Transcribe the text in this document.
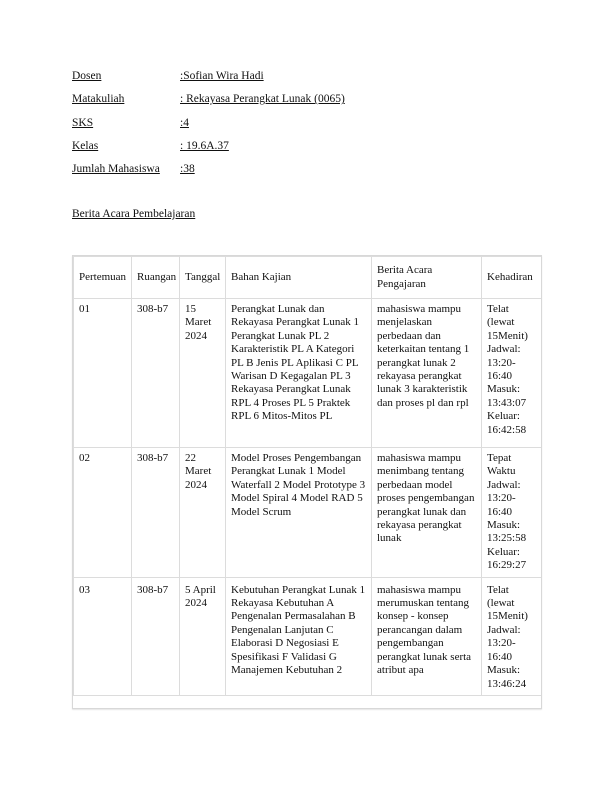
Dosen	:Sofian Wira Hadi
Matakuliah	: Rekayasa Perangkat Lunak (0065)
SKS	:4
Kelas	: 19.6A.37
Jumlah Mahasiswa	:38
Berita Acara Pembelajaran
Pertemuan	Ruangan	Tanggal	Bahan Kajian	Berita Acara Pengajaran	Kehadiran
01	308-b7	15 Maret 2024	Perangkat Lunak dan Rekayasa Perangkat Lunak 1 Perangkat Lunak PL 2 Karakteristik PL A Kategori PL B Jenis PL Aplikasi C PL Warisan D Kegagalan PL 3 Rekayasa Perangkat Lunak RPL 4 Proses PL 5 Praktek RPL 6 Mitos-Mitos PL	mahasiswa mampu menjelaskan perbedaan dan keterkaitan tentang 1 perangkat lunak 2 rekayasa perangkat lunak 3 karakteristik dan proses pl dan rpl	Telat (lewat 15Menit) Jadwal: 13:20-16:40 Masuk: 13:43:07 Keluar: 16:42:58
02	308-b7	22 Maret 2024	Model Proses Pengembangan Perangkat Lunak 1 Model Waterfall 2 Model Prototype 3 Model Spiral 4 Model RAD 5 Model Scrum	mahasiswa mampu menimbang tentang perbedaan model proses pengembangan perangkat lunak dan rekayasa perangkat lunak	Tepat Waktu Jadwal: 13:20-16:40 Masuk: 13:25:58 Keluar: 16:29:27
03	308-b7	5 April 2024	Kebutuhan Perangkat Lunak 1 Rekayasa Kebutuhan A Pengenalan Permasalahan B Pengenalan Lanjutan C Elaborasi D Negosiasi E Spesifikasi F Validasi G Manajemen Kebutuhan 2	mahasiswa mampu merumuskan tentang konsep - konsep perancangan dalam pengembangan perangkat lunak serta atribut apa	Telat (lewat 15Menit) Jadwal: 13:20-16:40 Masuk: 13:46:24
